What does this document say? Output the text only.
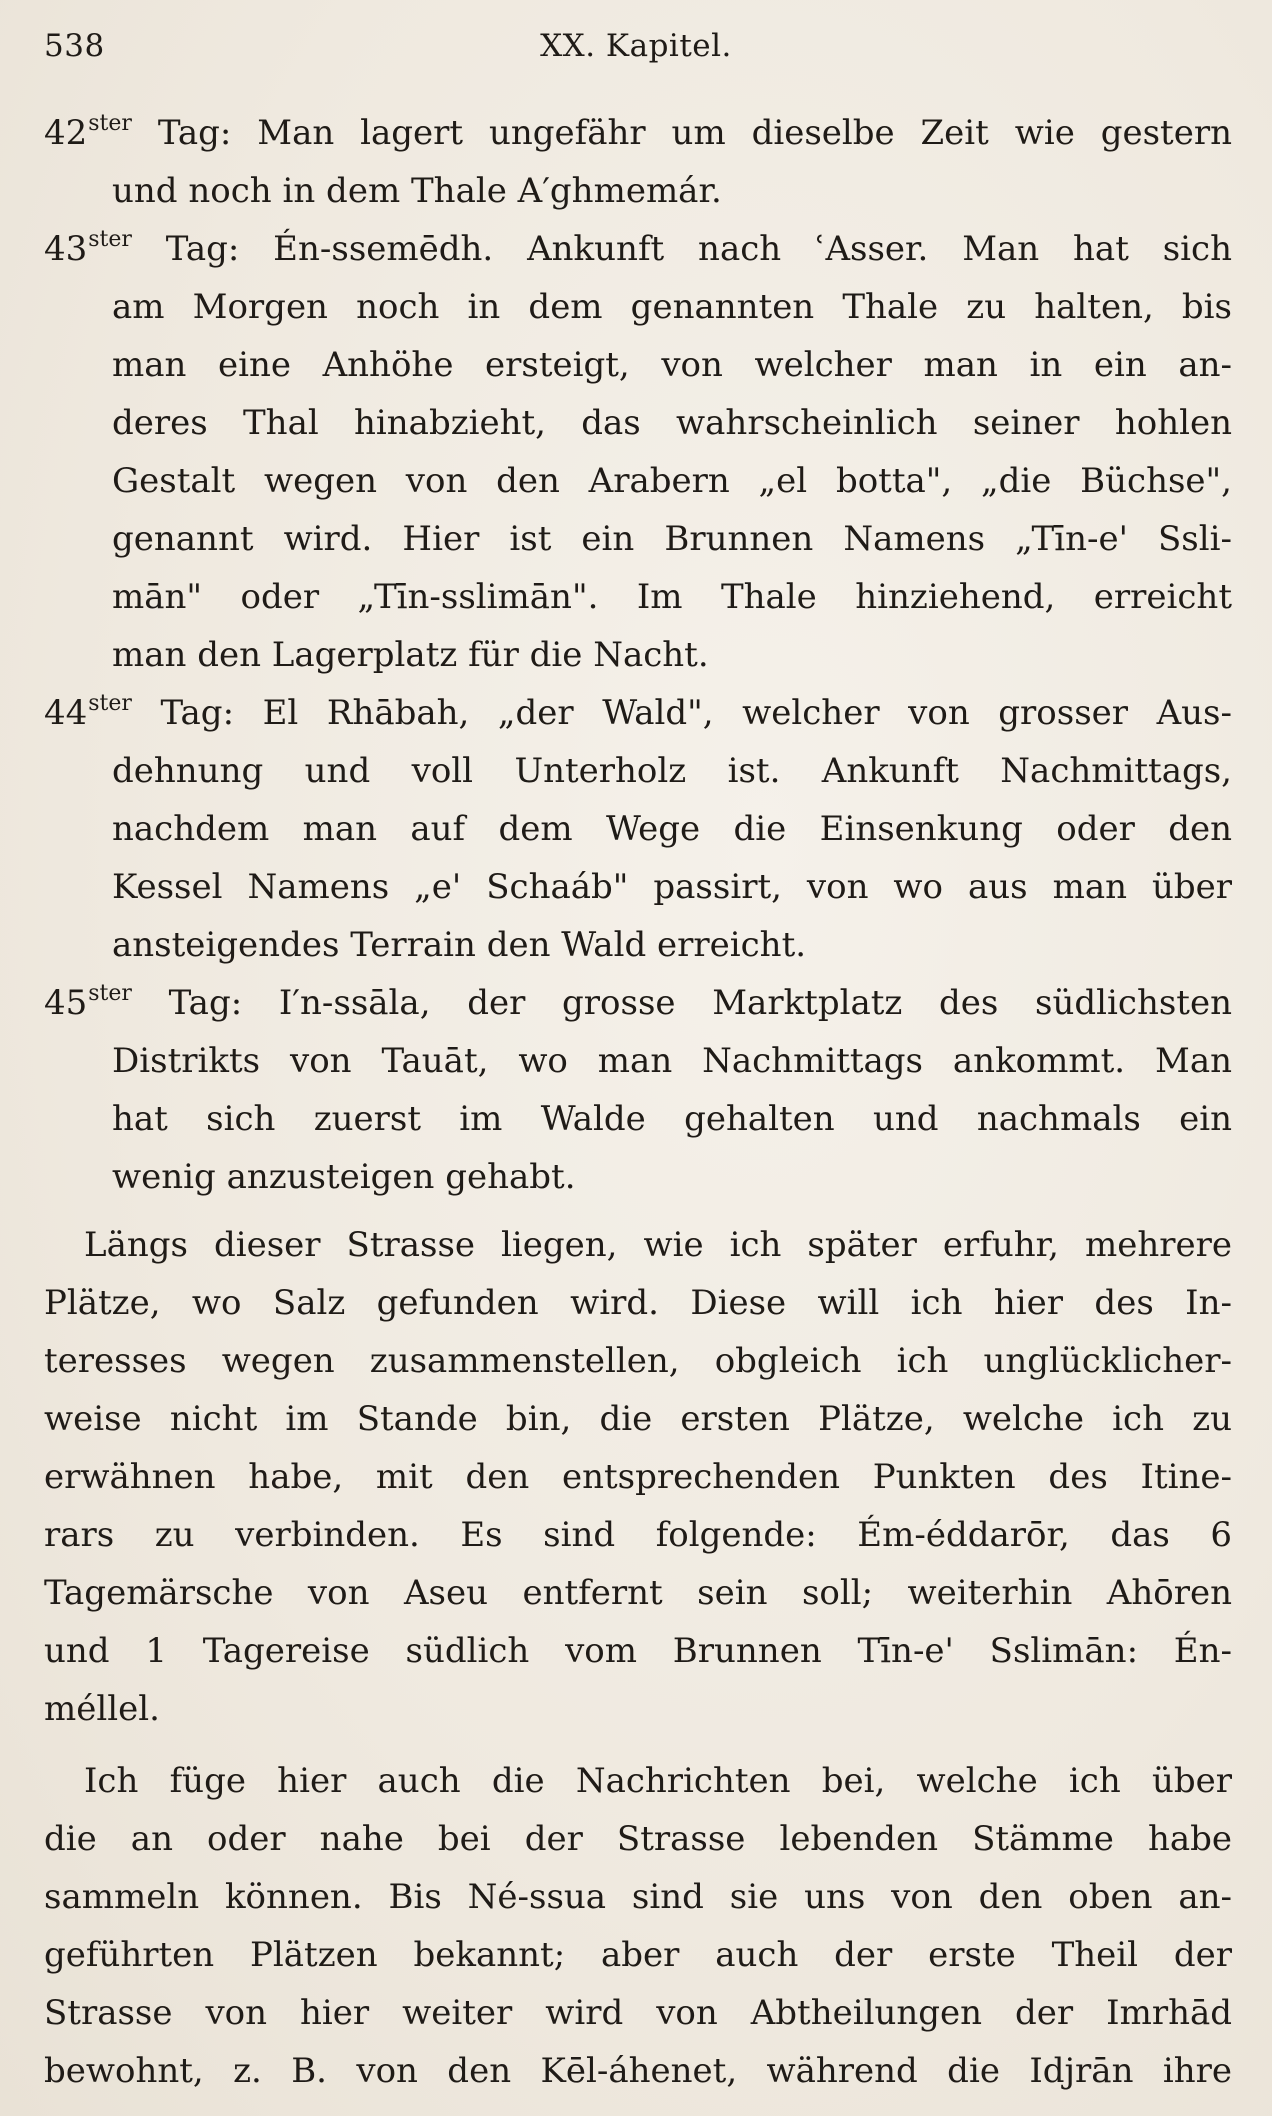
538	XX. Kapitel.
$42^{ster}$ Tag: Man lagert ungefähr um dieselbe Zeit wie gestern
und noch in dem Thale A′ghmemár.
$43^{ster}$ Tag: Én-ssemēdh. Ankunft nach ʿAsser. Man hat sich
am Morgen noch in dem genannten Thale zu halten, bis
man eine Anhöhe ersteigt, von welcher man in ein an-
deres Thal hinabzieht, das wahrscheinlich seiner hohlen
Gestalt wegen von den Arabern „el botta", „die Büchse",
genannt wird. Hier ist ein Brunnen Namens „Tīn-e' Ssli-
mān" oder „Tīn-sslimān". Im Thale hinziehend, erreicht
man den Lagerplatz für die Nacht.
$44^{ster}$ Tag: El Rhābah, „der Wald", welcher von grosser Aus-
dehnung und voll Unterholz ist. Ankunft Nachmittags,
nachdem man auf dem Wege die Einsenkung oder den
Kessel Namens „e' Schaáb" passirt, von wo aus man über
ansteigendes Terrain den Wald erreicht.
$45^{ster}$ Tag: I′n-ssāla, der grosse Marktplatz des südlichsten
Distrikts von Tauāt, wo man Nachmittags ankommt. Man
hat sich zuerst im Walde gehalten und nachmals ein
wenig anzusteigen gehabt.
Längs dieser Strasse liegen, wie ich später erfuhr, mehrere
Plätze, wo Salz gefunden wird. Diese will ich hier des In-
teresses wegen zusammenstellen, obgleich ich unglücklicher-
weise nicht im Stande bin, die ersten Plätze, welche ich zu
erwähnen habe, mit den entsprechenden Punkten des Itine-
rars zu verbinden. Es sind folgende: Ém-éddarōr, das 6
Tagemärsche von Aseu entfernt sein soll; weiterhin Ahōren
und 1 Tagereise südlich vom Brunnen Tīn-e' Sslimān: Én-
méllel.
Ich füge hier auch die Nachrichten bei, welche ich über
die an oder nahe bei der Strasse lebenden Stämme habe
sammeln können. Bis Né-ssua sind sie uns von den oben an-
geführten Plätzen bekannt; aber auch der erste Theil der
Strasse von hier weiter wird von Abtheilungen der Imrhād
bewohnt, z. B. von den Kēl-áhenet, während die Idjrān ihre
